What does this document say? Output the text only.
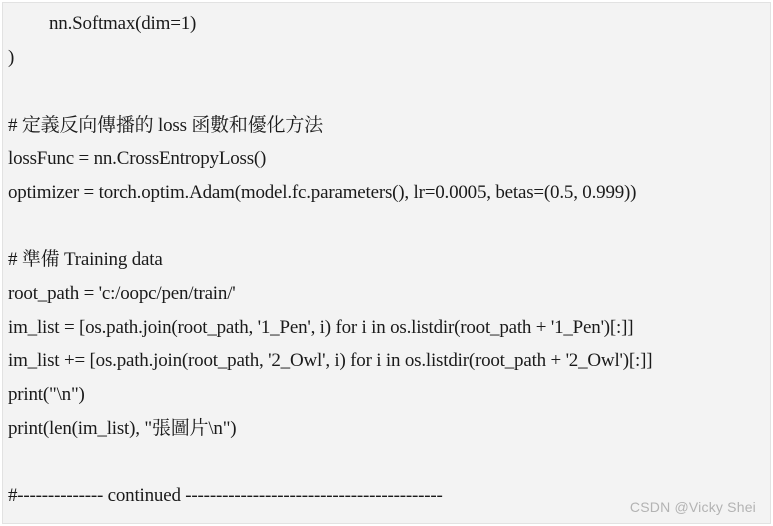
nn.Softmax(dim=1)
)
# 定義反向傳播的 loss 函數和優化方法
lossFunc = nn.CrossEntropyLoss()
optimizer = torch.optim.Adam(model.fc.parameters(), lr=0.0005, betas=(0.5, 0.999))
# 準備 Training data
root_path = 'c:/oopc/pen/train/'
im_list = [os.path.join(root_path, '1_Pen', i) for i in os.listdir(root_path + '1_Pen')[:]]
im_list += [os.path.join(root_path, '2_Owl', i) for i in os.listdir(root_path + '2_Owl')[:]]
print("\n")
print(len(im_list), "張圖片\n")
#-------------- continued ------------------------------------------
CSDN @Vicky Shei
